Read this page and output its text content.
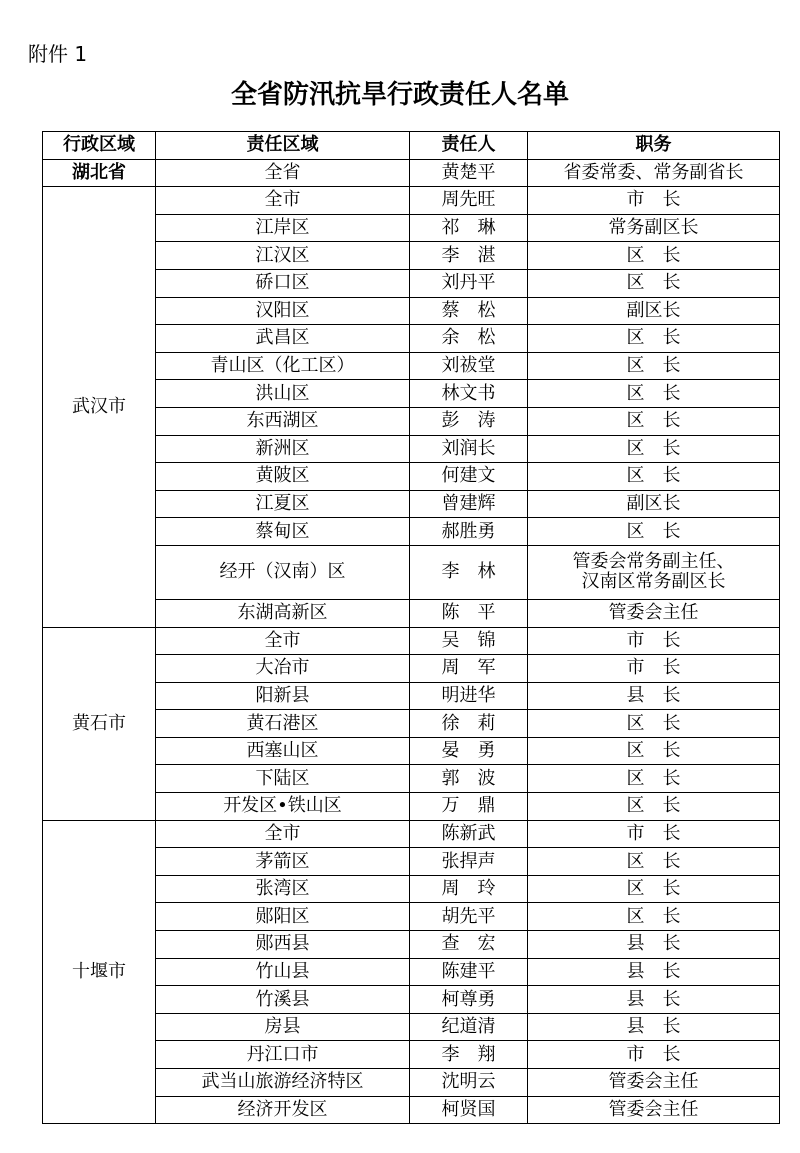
附件 1
全省防汛抗旱行政责任人名单
行政区域	责任区域	责任人	职务
湖北省	全省	黄楚平	省委常委、常务副省长
武汉市	全市	周先旺	市　长
	江岸区	祁　琳	常务副区长
	江汉区	李　湛	区　长
	硚口区	刘丹平	区　长
	汉阳区	蔡　松	副区长
	武昌区	余　松	区　长
	青山区（化工区）	刘祓堂	区　长
	洪山区	林文书	区　长
	东西湖区	彭　涛	区　长
	新洲区	刘润长	区　长
	黄陂区	何建文	区　长
	江夏区	曾建辉	副区长
	蔡甸区	郝胜勇	区　长
	经开（汉南）区	李　林	管委会常务副主任、
汉南区常务副区长

	东湖高新区	陈　平	管委会主任
黄石市	全市	吴　锦	市　长
	大冶市	周　军	市　长
	阳新县	明进华	县　长
	黄石港区	徐　莉	区　长
	西塞山区	晏　勇	区　长
	下陆区	郭　波	区　长
	开发区•铁山区	万　鼎	区　长
十堰市	全市	陈新武	市　长
	茅箭区	张捍声	区　长
	张湾区	周　玲	区　长
	郧阳区	胡先平	区　长
	郧西县	查　宏	县　长
	竹山县	陈建平	县　长
	竹溪县	柯尊勇	县　长
	房县	纪道清	县　长
	丹江口市	李　翔	市　长
	武当山旅游经济特区	沈明云	管委会主任
	经济开发区	柯贤国	管委会主任
